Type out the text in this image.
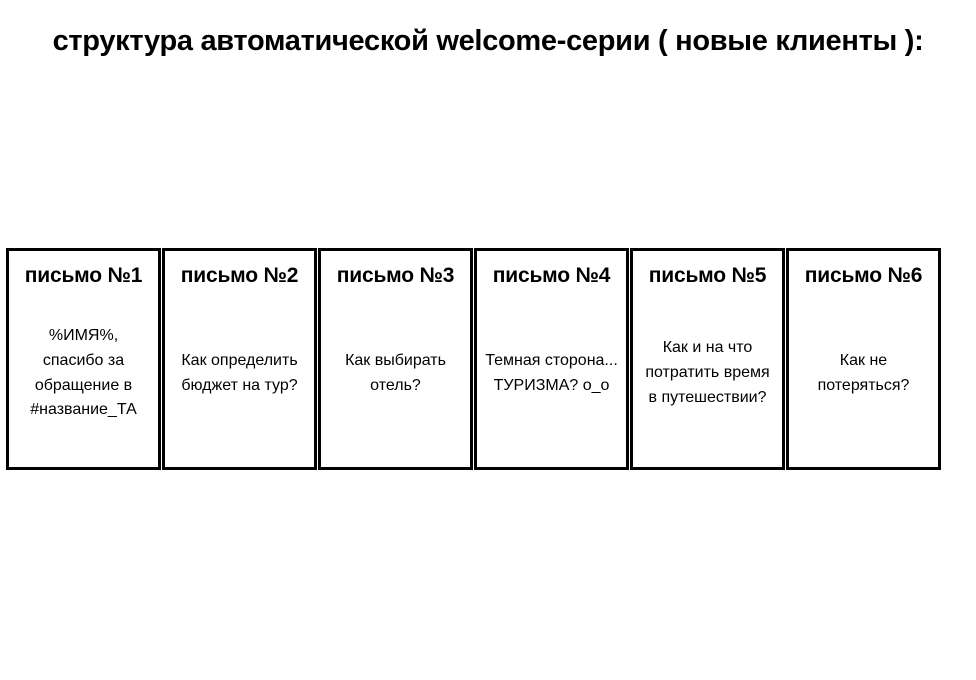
структура автоматической welcome-серии ( новые клиенты ):
письмо №1
%ИМЯ%, спасибо за обращение в #название_ТА
письмо №2
Как определить бюджет на тур?
письмо №3
Как выбирать отель?
письмо №4
Темная сторона... ТУРИЗМА? о_о
письмо №5
Как и на что потратить время в путешествии?
письмо №6
Как не потеряться?
